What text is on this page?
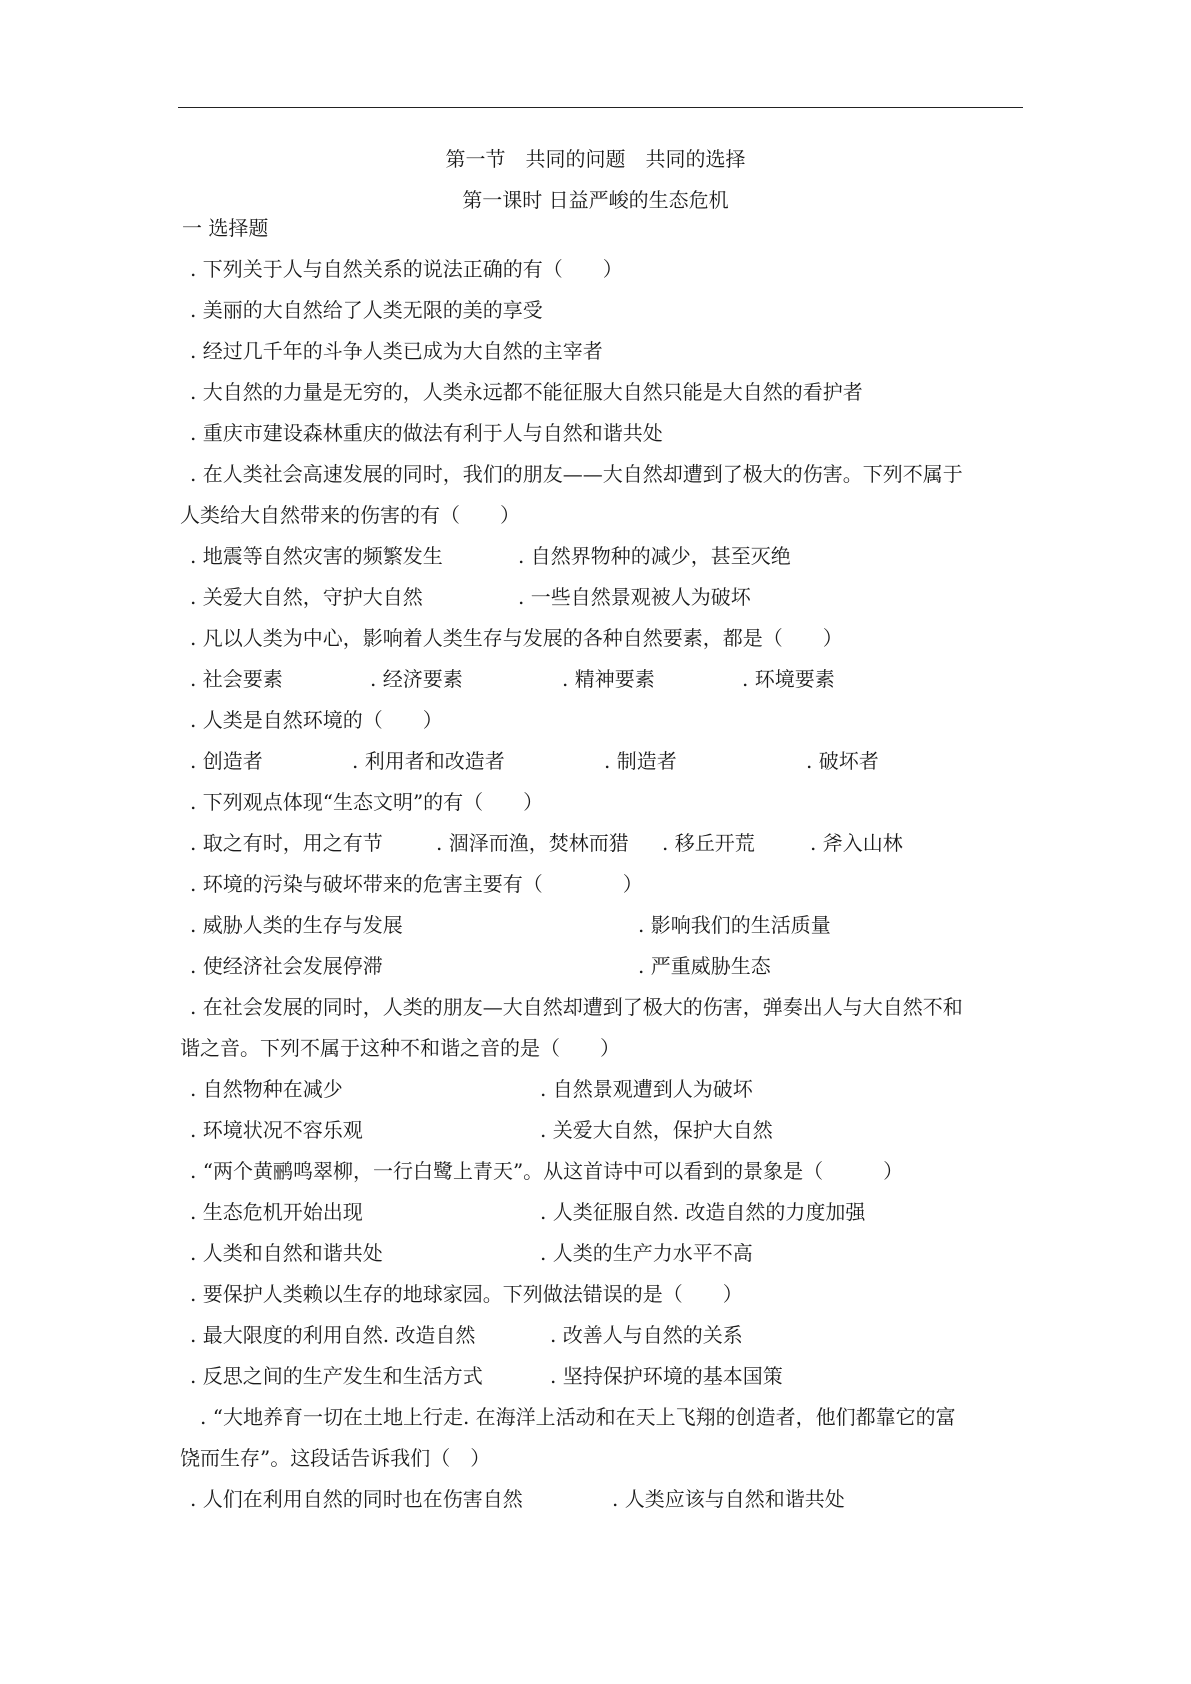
第一节　共同的问题　共同的选择
第一课时 日益严峻的生态危机
一 选择题
. 下列关于人与自然关系的说法正确的有（　　）
. 美丽的大自然给了人类无限的美的享受
. 经过几千年的斗争人类已成为大自然的主宰者
. 大自然的力量是无穷的，人类永远都不能征服大自然只能是大自然的看护者
. 重庆市建设森林重庆的做法有利于人与自然和谐共处
. 在人类社会高速发展的同时，我们的朋友——大自然却遭到了极大的伤害。下列不属于
人类给大自然带来的伤害的有（　　）
. 地震等自然灾害的频繁发生	. 自然界物种的减少，甚至灭绝
. 关爱大自然，守护大自然	. 一些自然景观被人为破坏
. 凡以人类为中心，影响着人类生存与发展的各种自然要素，都是（　　）
. 社会要素	. 经济要素	. 精神要素	. 环境要素
. 人类是自然环境的（　　）
. 创造者	. 利用者和改造者	. 制造者	. 破坏者
. 下列观点体现“生态文明”的有（　　）
. 取之有时，用之有节	. 涸泽而渔，焚林而猎 . 移丘开荒	. 斧入山林
. 环境的污染与破坏带来的危害主要有（　　　　）
. 威胁人类的生存与发展	. 影响我们的生活质量
. 使经济社会发展停滞	. 严重威胁生态
. 在社会发展的同时，人类的朋友—大自然却遭到了极大的伤害，弹奏出人与大自然不和
谐之音。下列不属于这种不和谐之音的是（　　）
. 自然物种在减少	. 自然景观遭到人为破坏
. 环境状况不容乐观	. 关爱大自然，保护大自然
. “两个黄鹂鸣翠柳，一行白鹭上青天”。从这首诗中可以看到的景象是（　　　）
. 生态危机开始出现	. 人类征服自然. 改造自然的力度加强
. 人类和自然和谐共处	. 人类的生产力水平不高
. 要保护人类赖以生存的地球家园。下列做法错误的是（　　）
. 最大限度的利用自然. 改造自然	. 改善人与自然的关系
. 反思之间的生产发生和生活方式	. 坚持保护环境的基本国策
. “大地养育一切在土地上行走. 在海洋上活动和在天上飞翔的创造者，他们都靠它的富
饶而生存”。这段话告诉我们（　）
. 人们在利用自然的同时也在伤害自然	. 人类应该与自然和谐共处
